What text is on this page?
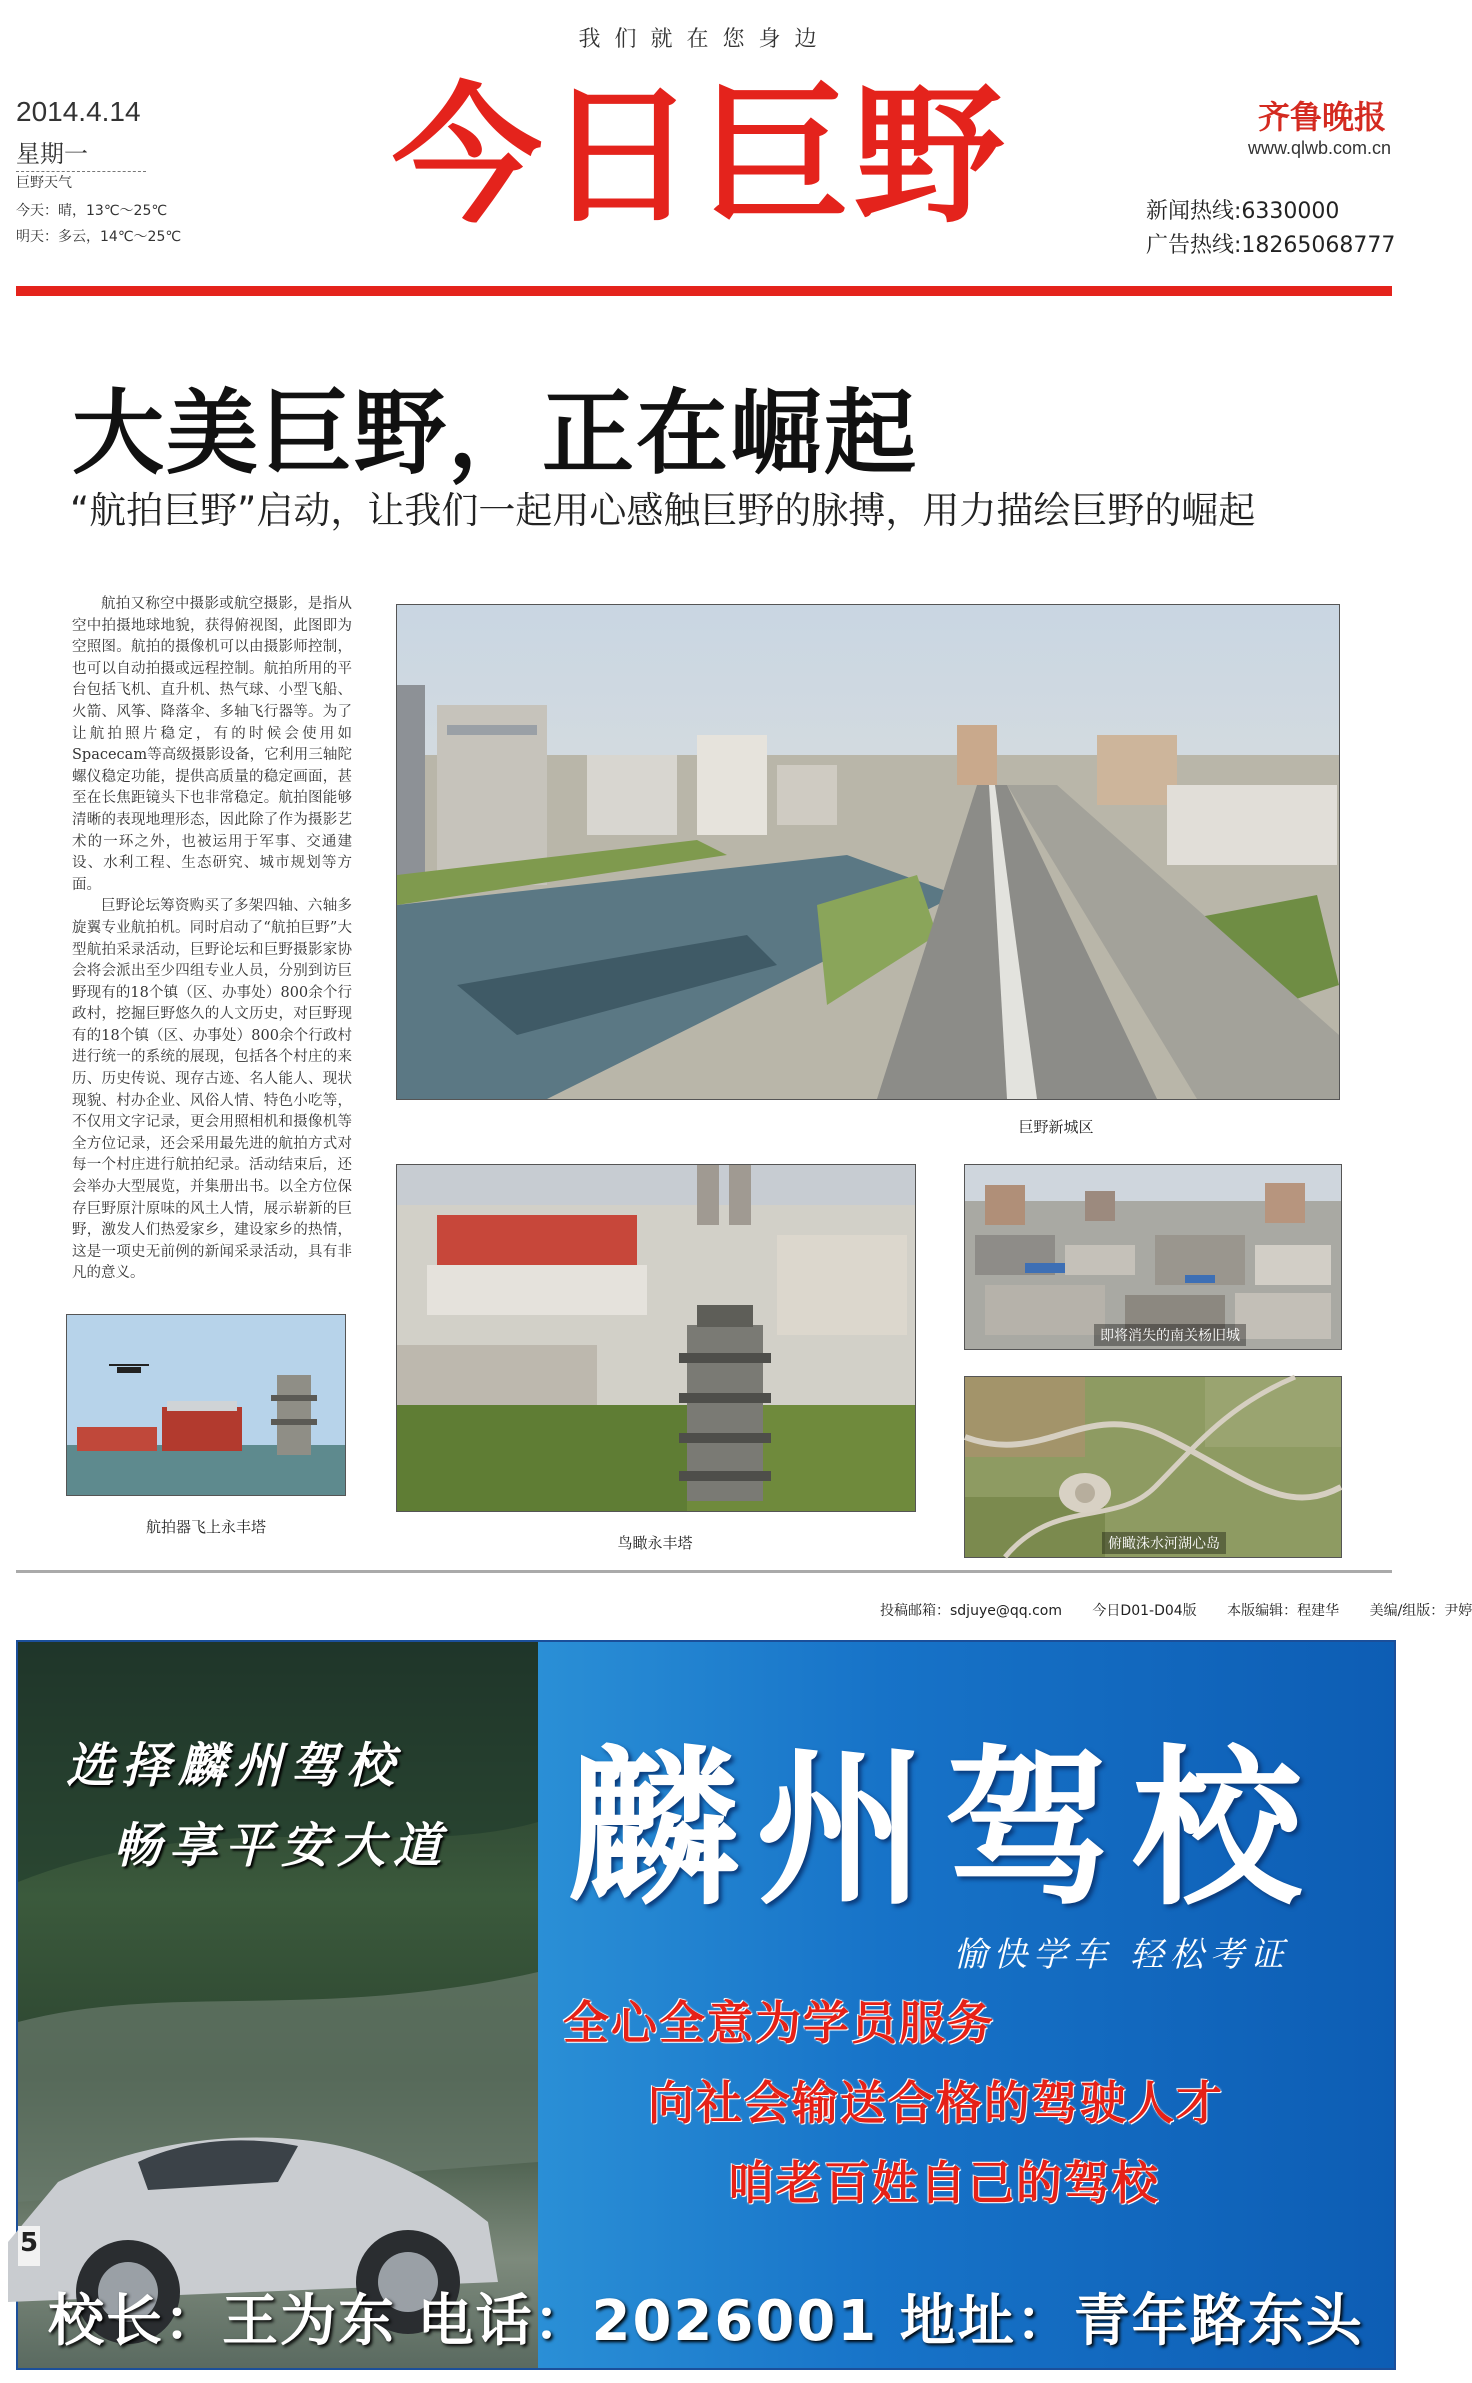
我们就在您身边
2014.4.14
星期一
巨野天气
今天：晴，13℃～25℃
明天：多云，14℃～25℃ 今日巨野	齐鲁晚报
www.qlwb.com.cn
新闻热线:6330000
广告热线:18265068777
大美巨野，正在崛起
“航拍巨野”启动，让我们一起用心感触巨野的脉搏，用力描绘巨野的崛起

航拍又称空中摄影或航空摄影，是指从空中拍摄地球地貌，获得俯视图，此图即为空照图。航拍的摄像机可以由摄影师控制，也可以自动拍摄或远程控制。航拍所用的平台包括飞机、直升机、热气球、小型飞船、火箭、风筝、降落伞、多轴飞行器等。为了让航拍照片稳定，有的时候会使用如Spacecam等高级摄影设备，它利用三轴陀螺仪稳定功能，提供高质量的稳定画面，甚至在长焦距镜头下也非常稳定。航拍图能够清晰的表现地理形态，因此除了作为摄影艺术的一环之外，也被运用于军事、交通建设、水利工程、生态研究、城市规划等方面。

巨野论坛筹资购买了多架四轴、六轴多旋翼专业航拍机。同时启动了“航拍巨野”大型航拍采录活动，巨野论坛和巨野摄影家协会将会派出至少四组专业人员，分别到访巨野现有的18个镇（区、办事处）800余个行政村，挖掘巨野悠久的人文历史，对巨野现有的18个镇（区、办事处）800余个行政村进行统一的系统的展现，包括各个村庄的来历、历史传说、现存古迹、名人能人、现状现貌、村办企业、风俗人情、特色小吃等，不仅用文字记录，更会用照相机和摄像机等全方位记录，还会采用最先进的航拍方式对每一个村庄进行航拍纪录。活动结束后，还会举办大型展览，并集册出书。以全方位保存巨野原汁原味的风土人情，展示崭新的巨野，激发人们热爱家乡，建设家乡的热情，这是一项史无前例的新闻采录活动，具有非凡的意义。

巨野新城区
航拍器飞上永丰塔
鸟瞰永丰塔
即将消失的南关杨旧城
俯瞰洙水河湖心岛
投稿邮箱：sdjuye@qq.com 今日D01-D04版 本版编辑：程建华 美编/组版：尹婷
5
选择麟州驾校
畅享平安大道 麟州驾校
愉快学车 轻松考证
全心全意为学员服务
向社会输送合格的驾驶人才
咱老百姓自己的驾校
校长：王为东 电话：2026001 地址：青年路东头
